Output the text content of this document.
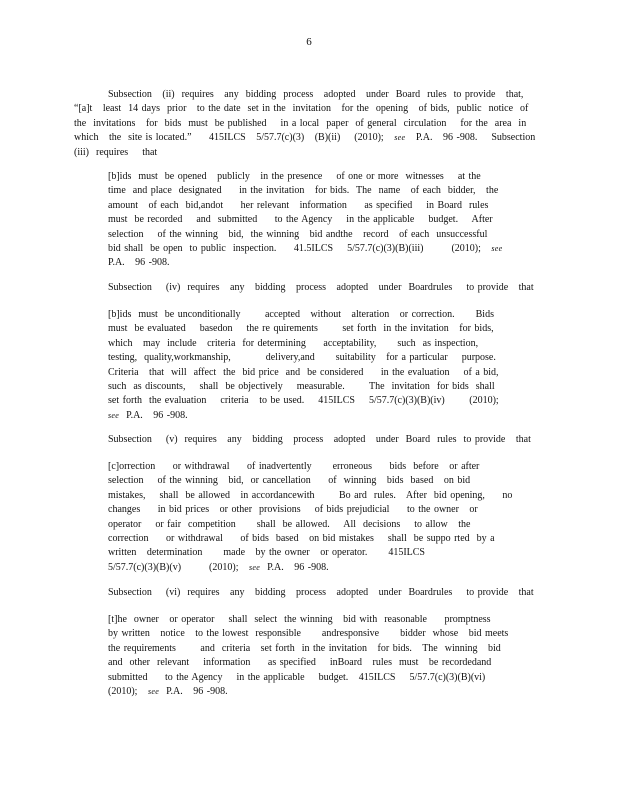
6
Subsection   (ii)  requires   any  bidding  process   adopted   under  Board  rules  to provide   that,
“[a]t   least  14 days  prior   to the date  set in the  invitation   for the  opening   of bids,  public  notice  of
the  invitations   for  bids  must  be published    in a local  paper  of general  circulation    for the  area  in
which   the  site is located.”     415ILCS   5/57.7(c)(3)   (B)(ii)    (2010); see P.A.   96 -908.    Subsection
(iii)  requires    that
[b]ids  must  be opened   publicly   in the presence    of one or more  witnesses    at the
time  and place  designated     in the invitation   for bids.  The  name   of each  bidder,   the
amount   of each  bid,andot     her relevant   information     as specified    in Board  rules
must  be recorded    and  submitted     to the Agency    in the applicable    budget.    After
selection    of the winning   bid,  the winning   bid andthe   record   of each  unsuccessful
bid shall  be open  to public  inspection.     41.5ILCS    5/57.7(c)(3)(B)(iii)        (2010); see
P.A.   96 -908.
Subsection    (iv)  requires   any   bidding   process   adopted   under  Boardrules    to provide   that
[b]ids  must  be unconditionally       accepted   without   alteration   or correction.      Bids
must  be evaluated    basedon    the re quirements       set forth  in the invitation   for bids,
which   may  include   criteria  for determining     acceptability,      such  as inspection,
testing,  quality,workmanship,          delivery,and      suitability   for a particular    purpose.
Criteria   that  will  affect  the  bid price  and  be considered     in the evaluation    of a bid,
such  as discounts,    shall  be objectively    measurable.       The  invitation  for bids  shall
set forth  the evaluation    criteria   to be used.    415ILCS    5/57.7(c)(3)(B)(iv)       (2010);
see P.A.   96 -908.
Subsection    (v)  requires   any   bidding   process   adopted   under  Board  rules  to provide   that
[c]orrection     or withdrawal     of inadvertently      erroneous     bids  before   or after
selection    of the winning   bid,  or cancellation     of  winning   bids  based   on bid
mistakes,    shall  be allowed   in accordancewith       Bo ard  rules.   After  bid opening,     no
changes     in bid prices   or other  provisions    of bids prejudicial     to the owner   or
operator    or fair  competition      shall  be allowed.    All  decisions    to allow   the
correction     or withdrawal     of bids  based   on bid mistakes    shall  be suppo rted  by a
written   determination      made   by the owner   or operator.      415ILCS
5/57.7(c)(3)(B)(v)        (2010); see P.A.   96 -908.
Subsection    (vi)  requires   any   bidding   process   adopted   under  Boardrules    to provide   that
[t]he  owner   or operator    shall  select  the winning   bid with  reasonable     promptness
by written   notice   to the lowest  responsible      andresponsive      bidder  whose   bid meets
the requirements       and  criteria   set forth  in the invitation   for bids.   The  winning   bid
and  other  relevant    information     as specified    inBoard   rules  must   be recordedand
submitted     to the Agency    in the applicable    budget.   415ILCS    5/57.7(c)(3)(B)(vi)
(2010); see P.A.   96 -908.
